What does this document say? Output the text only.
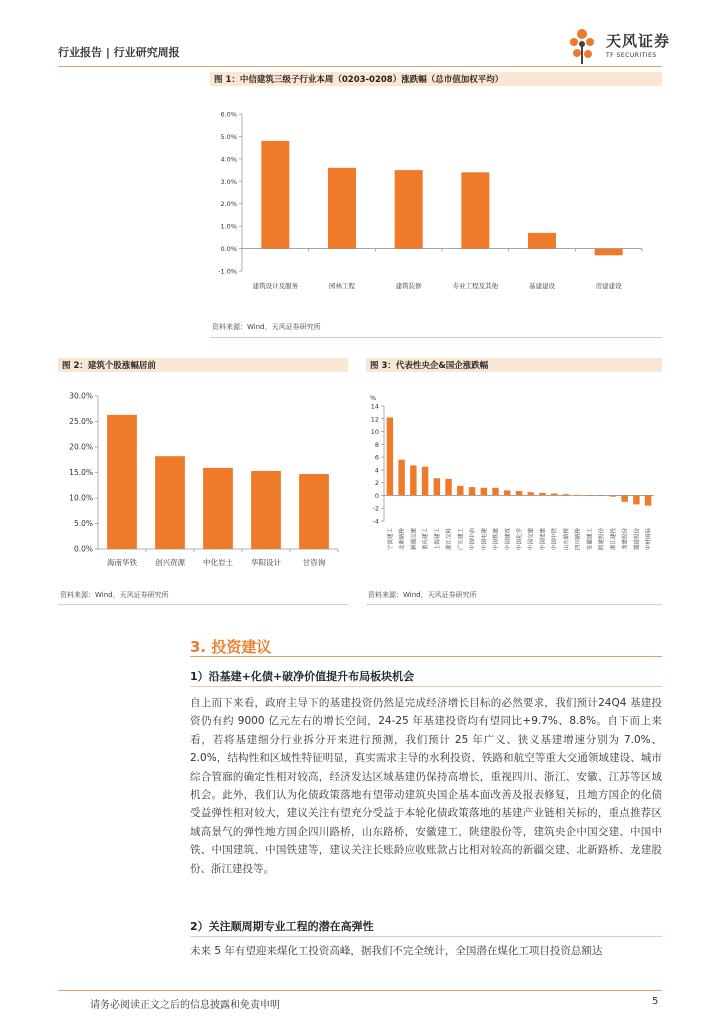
行业报告 | 行业研究周报
天风证券
TF SECURITIES
图 1：中信建筑三级子行业本周（0203-0208）涨跌幅（总市值加权平均）
6.0%
5.0%
4.0%
3.0%
2.0%
1.0%
0.0%
-1.0%
建筑设计及服务	园林工程	建筑装修	专业工程及其他	基建建设	房建建设
资料来源：Wind，天风证券研究所
图 2：建筑个股涨幅居前
30.0%
25.0%
20.0%
15.0%
10.0%
5.0%
0.0%
海南华铁 创兴资源 中化岩土 华阳设计	甘咨询
资料来源：Wind，天风证券研究所
图 3：代表性央企&国企涨跌幅
14
12
10
8
6
4
2
0
-2
-4
宁波建工	北新路桥	新疆交建	重庆建工	上海建工	浙江交科	广东建工	中国中冶	中国电建	中国铁建	中国建筑	中国化学	中国交建	中国能建	中国中铁	山东路桥	四川路桥	安徽建工	陕建股份	浙江建投	龙建股份	隧道股份	中材国际
%
资料来源：Wind，天风证券研究所
3. 投资建议
1）沿基建+化债+破净价值提升布局板块机会
自上而下来看，政府主导下的基建投资仍然是完成经济增长目标的必然要求，我们预计24Q4 基建投资仍有约 9000 亿元左右的增长空间，24-25 年基建投资均有望同比+9.7%、8.8%。自下而上来看，若将基建细分行业拆分开来进行预测，我们预计 25 年广义、狭义基建增速分别为 7.0%、2.0%，结构性和区域性特征明显，真实需求主导的水利投资、铁路和航空等重大交通领域建设、城市综合管廊的确定性相对较高，经济发达区域基建仍保持高增长，重视四川、浙江、安徽、江苏等区域机会。此外，我们认为化债政策落地有望带动建筑央国企基本面改善及报表修复，且地方国企的化债受益弹性相对较大，建议关注有望充分受益于本轮化债政策落地的基建产业链相关标的，重点推荐区域高景气的弹性地方国企四川路桥，山东路桥，安徽建工，陕建股份等，建筑央企中国交建、中国中铁、中国建筑、中国铁建等，建议关注长账龄应收账款占比相对较高的新疆交建、北新路桥、龙建股份、浙江建投等。
2）关注顺周期专业工程的潜在高弹性
未来 5 年有望迎来煤化工投资高峰，据我们不完全统计，全国潜在煤化工项目投资总额达
请务必阅读正文之后的信息披露和免责申明	5
